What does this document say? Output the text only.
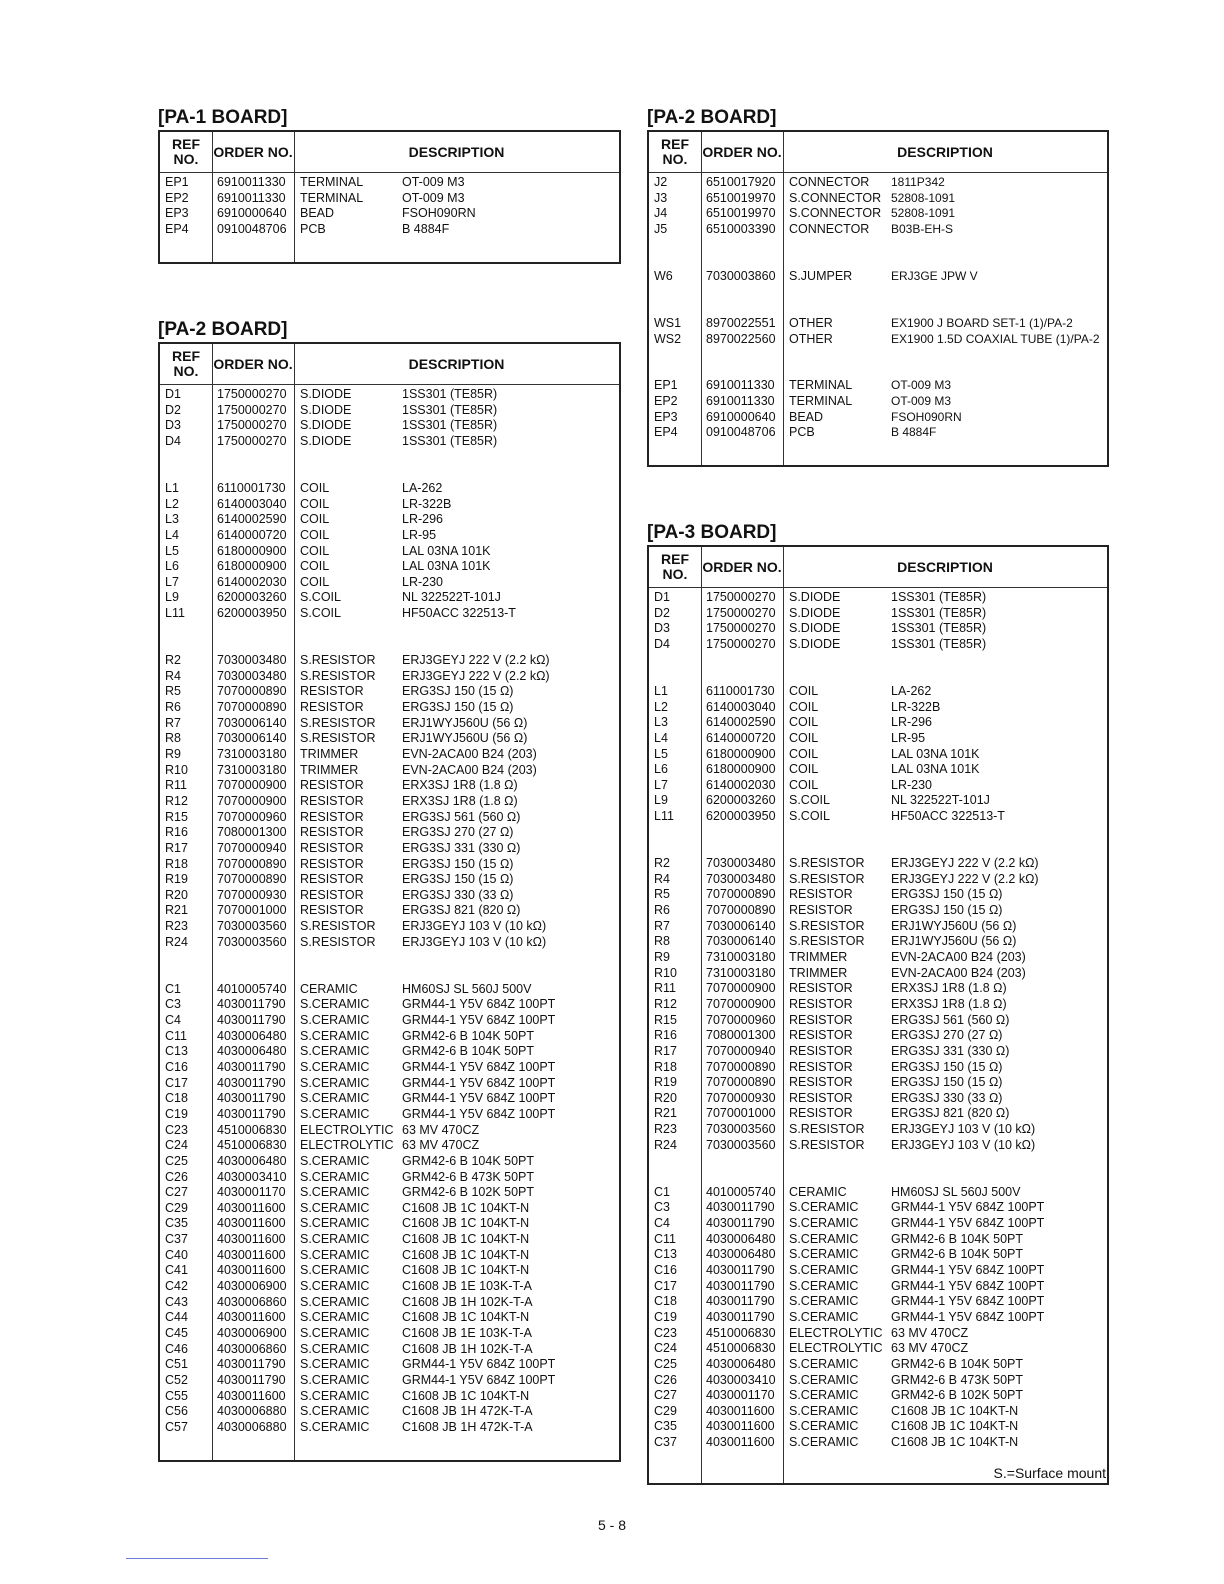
[PA-1 BOARD]
REF NO.	ORDER NO.	DESCRIPTION
EP1 6910011330 TERMINAL	OT-009 M3
EP2 6910011330 TERMINAL	OT-009 M3
EP3 6910000640 BEAD	FSOH090RN
EP4 0910048706 PCB	B 4884F
[PA-2 BOARD]
REF NO.	ORDER NO.	DESCRIPTION
D1	1750000270 S.DIODE	1SS301 (TE85R)
D2	1750000270 S.DIODE	1SS301 (TE85R)
D3	1750000270 S.DIODE	1SS301 (TE85R)
D4	1750000270 S.DIODE	1SS301 (TE85R)
L1	6110001730 COIL	LA-262
L2	6140003040 COIL	LR-322B
L3	6140002590 COIL	LR-296
L4	6140000720 COIL	LR-95
L5	6180000900 COIL	LAL 03NA 101K
L6	6180000900 COIL	LAL 03NA 101K
L7	6140002030 COIL	LR-230
L9	6200003260 S.COIL	NL 322522T-101J
L11	6200003950 S.COIL	HF50ACC 322513-T
R2	7030003480 S.RESISTOR ERJ3GEYJ 222 V (2.2 kΩ)
R4	7030003480 S.RESISTOR ERJ3GEYJ 222 V (2.2 kΩ)
R5	7070000890 RESISTOR	ERG3SJ 150 (15 Ω)
R6	7070000890 RESISTOR	ERG3SJ 150 (15 Ω)
R7	7030006140 S.RESISTOR ERJ1WYJ560U (56 Ω)
R8	7030006140 S.RESISTOR ERJ1WYJ560U (56 Ω)
R9	7310003180 TRIMMER	EVN-2ACA00 B24 (203)
R10 7310003180 TRIMMER	EVN-2ACA00 B24 (203)
R11 7070000900 RESISTOR	ERX3SJ 1R8 (1.8 Ω)
R12 7070000900 RESISTOR	ERX3SJ 1R8 (1.8 Ω)
R15 7070000960 RESISTOR	ERG3SJ 561 (560 Ω)
R16 7080001300 RESISTOR	ERG3SJ 270 (27 Ω)
R17 7070000940 RESISTOR	ERG3SJ 331 (330 Ω)
R18 7070000890 RESISTOR	ERG3SJ 150 (15 Ω)
R19 7070000890 RESISTOR	ERG3SJ 150 (15 Ω)
R20 7070000930 RESISTOR	ERG3SJ 330 (33 Ω)
R21 7070001000 RESISTOR	ERG3SJ 821 (820 Ω)
R23 7030003560 S.RESISTOR ERJ3GEYJ 103 V (10 kΩ)
R24 7030003560 S.RESISTOR ERJ3GEYJ 103 V (10 kΩ)
C1	4010005740 CERAMIC	HM60SJ SL 560J 500V
C3	4030011790 S.CERAMIC	GRM44-1 Y5V 684Z 100PT
C4	4030011790 S.CERAMIC	GRM44-1 Y5V 684Z 100PT
C11 4030006480 S.CERAMIC	GRM42-6 B 104K 50PT
C13 4030006480 S.CERAMIC	GRM42-6 B 104K 50PT
C16 4030011790 S.CERAMIC	GRM44-1 Y5V 684Z 100PT
C17 4030011790 S.CERAMIC	GRM44-1 Y5V 684Z 100PT
C18 4030011790 S.CERAMIC	GRM44-1 Y5V 684Z 100PT
C19 4030011790 S.CERAMIC	GRM44-1 Y5V 684Z 100PT
C23 4510006830 ELECTROLYTIC 63 MV 470CZ
C24 4510006830 ELECTROLYTIC 63 MV 470CZ
C25 4030006480 S.CERAMIC	GRM42-6 B 104K 50PT
C26 4030003410 S.CERAMIC	GRM42-6 B 473K 50PT
C27 4030001170 S.CERAMIC	GRM42-6 B 102K 50PT
C29 4030011600 S.CERAMIC	C1608 JB 1C 104KT-N
C35 4030011600 S.CERAMIC	C1608 JB 1C 104KT-N
C37 4030011600 S.CERAMIC	C1608 JB 1C 104KT-N
C40 4030011600 S.CERAMIC	C1608 JB 1C 104KT-N
C41 4030011600 S.CERAMIC	C1608 JB 1C 104KT-N
C42 4030006900 S.CERAMIC	C1608 JB 1E 103K-T-A
C43 4030006860 S.CERAMIC	C1608 JB 1H 102K-T-A
C44 4030011600 S.CERAMIC	C1608 JB 1C 104KT-N
C45 4030006900 S.CERAMIC	C1608 JB 1E 103K-T-A
C46 4030006860 S.CERAMIC	C1608 JB 1H 102K-T-A
C51 4030011790 S.CERAMIC	GRM44-1 Y5V 684Z 100PT
C52 4030011790 S.CERAMIC	GRM44-1 Y5V 684Z 100PT
C55 4030011600 S.CERAMIC	C1608 JB 1C 104KT-N
C56 4030006880 S.CERAMIC	C1608 JB 1H 472K-T-A
C57 4030006880 S.CERAMIC	C1608 JB 1H 472K-T-A
[PA-2 BOARD]
REF NO.	ORDER NO.	DESCRIPTION
J2	6510017920 CONNECTOR 1811P342
J3	6510019970 S.CONNECTOR 52808-1091
J4	6510019970 S.CONNECTOR 52808-1091
J5	6510003390 CONNECTOR B03B-EH-S
W6	7030003860 S.JUMPER	ERJ3GE JPW V
WS1 8970022551 OTHER	EX1900 J BOARD SET-1 (1)/PA-2
WS2 8970022560 OTHER	EX1900 1.5D COAXIAL TUBE (1)/PA-2
EP1 6910011330 TERMINAL	OT-009 M3
EP2 6910011330 TERMINAL	OT-009 M3
EP3 6910000640 BEAD	FSOH090RN
EP4 0910048706 PCB	B 4884F
[PA-3 BOARD]
REF NO.	ORDER NO.	DESCRIPTION
D1	1750000270 S.DIODE	1SS301 (TE85R)
D2	1750000270 S.DIODE	1SS301 (TE85R)
D3	1750000270 S.DIODE	1SS301 (TE85R)
D4	1750000270 S.DIODE	1SS301 (TE85R)
L1	6110001730 COIL	LA-262
L2	6140003040 COIL	LR-322B
L3	6140002590 COIL	LR-296
L4	6140000720 COIL	LR-95
L5	6180000900 COIL	LAL 03NA 101K
L6	6180000900 COIL	LAL 03NA 101K
L7	6140002030 COIL	LR-230
L9	6200003260 S.COIL	NL 322522T-101J
L11	6200003950 S.COIL	HF50ACC 322513-T
R2	7030003480 S.RESISTOR ERJ3GEYJ 222 V (2.2 kΩ)
R4	7030003480 S.RESISTOR ERJ3GEYJ 222 V (2.2 kΩ)
R5	7070000890 RESISTOR	ERG3SJ 150 (15 Ω)
R6	7070000890 RESISTOR	ERG3SJ 150 (15 Ω)
R7	7030006140 S.RESISTOR ERJ1WYJ560U (56 Ω)
R8	7030006140 S.RESISTOR ERJ1WYJ560U (56 Ω)
R9	7310003180 TRIMMER	EVN-2ACA00 B24 (203)
R10 7310003180 TRIMMER	EVN-2ACA00 B24 (203)
R11 7070000900 RESISTOR	ERX3SJ 1R8 (1.8 Ω)
R12 7070000900 RESISTOR	ERX3SJ 1R8 (1.8 Ω)
R15 7070000960 RESISTOR	ERG3SJ 561 (560 Ω)
R16 7080001300 RESISTOR	ERG3SJ 270 (27 Ω)
R17 7070000940 RESISTOR	ERG3SJ 331 (330 Ω)
R18 7070000890 RESISTOR	ERG3SJ 150 (15 Ω)
R19 7070000890 RESISTOR	ERG3SJ 150 (15 Ω)
R20 7070000930 RESISTOR	ERG3SJ 330 (33 Ω)
R21 7070001000 RESISTOR	ERG3SJ 821 (820 Ω)
R23 7030003560 S.RESISTOR ERJ3GEYJ 103 V (10 kΩ)
R24 7030003560 S.RESISTOR ERJ3GEYJ 103 V (10 kΩ)
C1	4010005740 CERAMIC	HM60SJ SL 560J 500V
C3	4030011790 S.CERAMIC	GRM44-1 Y5V 684Z 100PT
C4	4030011790 S.CERAMIC	GRM44-1 Y5V 684Z 100PT
C11 4030006480 S.CERAMIC	GRM42-6 B 104K 50PT
C13 4030006480 S.CERAMIC	GRM42-6 B 104K 50PT
C16 4030011790 S.CERAMIC	GRM44-1 Y5V 684Z 100PT
C17 4030011790 S.CERAMIC	GRM44-1 Y5V 684Z 100PT
C18 4030011790 S.CERAMIC	GRM44-1 Y5V 684Z 100PT
C19 4030011790 S.CERAMIC	GRM44-1 Y5V 684Z 100PT
C23 4510006830 ELECTROLYTIC 63 MV 470CZ
C24 4510006830 ELECTROLYTIC 63 MV 470CZ
C25 4030006480 S.CERAMIC	GRM42-6 B 104K 50PT
C26 4030003410 S.CERAMIC	GRM42-6 B 473K 50PT
C27 4030001170 S.CERAMIC	GRM42-6 B 102K 50PT
C29 4030011600 S.CERAMIC	C1608 JB 1C 104KT-N
C35 4030011600 S.CERAMIC	C1608 JB 1C 104KT-N
C37 4030011600 S.CERAMIC	C1608 JB 1C 104KT-N
S.=Surface mount
5 - 8
